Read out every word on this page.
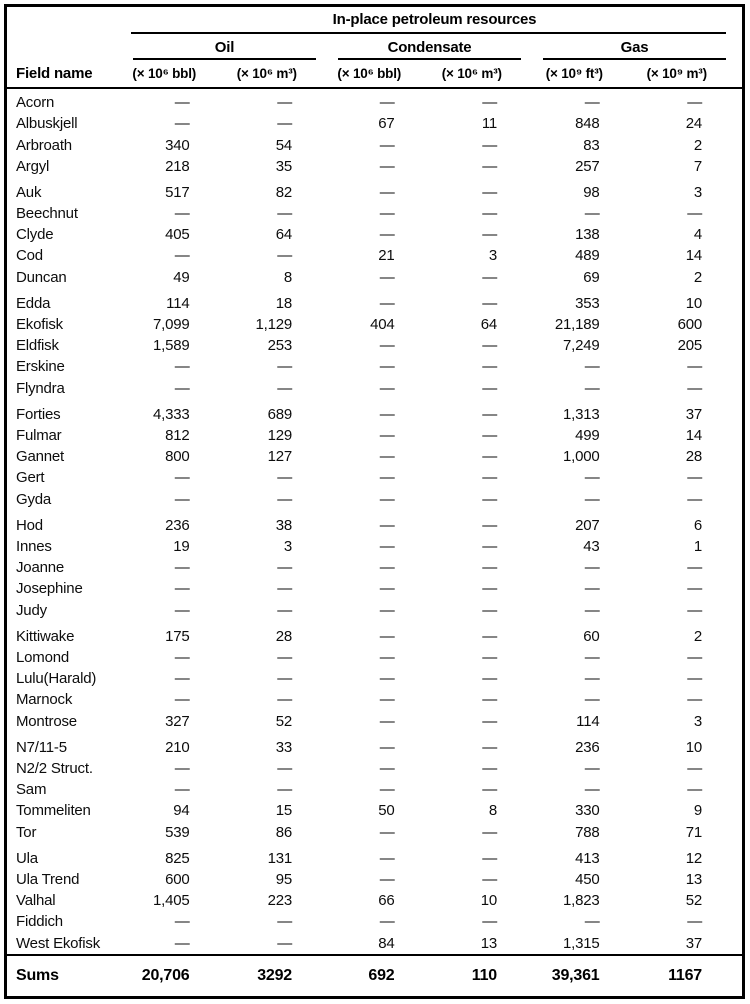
	In-place petroleum resources					

	Oil		Condensate		Gas	

Field name	(× 10⁶ bbl)	(× 10⁶ m³)	(× 10⁶ bbl)	(× 10⁶ m³)	(× 10⁹ ft³)	(× 10⁹ m³)
Acorn	—	—	—	—	—	—
Albuskjell	—	—	67	11	848	24
Arbroath	340	54	—	—	83	2
Argyl	218	35	—	—	257	7
Auk	517	82	—	—	98	3
Beechnut	—	—	—	—	—	—
Clyde	405	64	—	—	138	4
Cod	—	—	21	3	489	14
Duncan	49	8	—	—	69	2
Edda	114	18	—	—	353	10
Ekofisk	7,099	1,129	404	64	21,189	600
Eldfisk	1,589	253	—	—	7,249	205
Erskine	—	—	—	—	—	—
Flyndra	—	—	—	—	—	—
Forties	4,333	689	—	—	1,313	37
Fulmar	812	129	—	—	499	14
Gannet	800	127	—	—	1,000	28
Gert	—	—	—	—	—	—
Gyda	—	—	—	—	—	—
Hod	236	38	—	—	207	6
Innes	19	3	—	—	43	1
Joanne	—	—	—	—	—	—
Josephine	—	—	—	—	—	—
Judy	—	—	—	—	—	—
Kittiwake	175	28	—	—	60	2
Lomond	—	—	—	—	—	—
Lulu(Harald)	—	—	—	—	—	—
Marnock	—	—	—	—	—	—
Montrose	327	52	—	—	114	3
N7/11-5	210	33	—	—	236	10
N2/2 Struct.	—	—	—	—	—	—
Sam	—	—	—	—	—	—
Tommeliten	94	15	50	8	330	9
Tor	539	86	—	—	788	71
Ula	825	131	—	—	413	12
Ula Trend	600	95	—	—	450	13
Valhal	1,405	223	66	10	1,823	52
Fiddich	—	—	—	—	—	—
West Ekofisk	—	—	84	13	1,315	37
Sums	20,706	3292	692	110	39,361	1167
